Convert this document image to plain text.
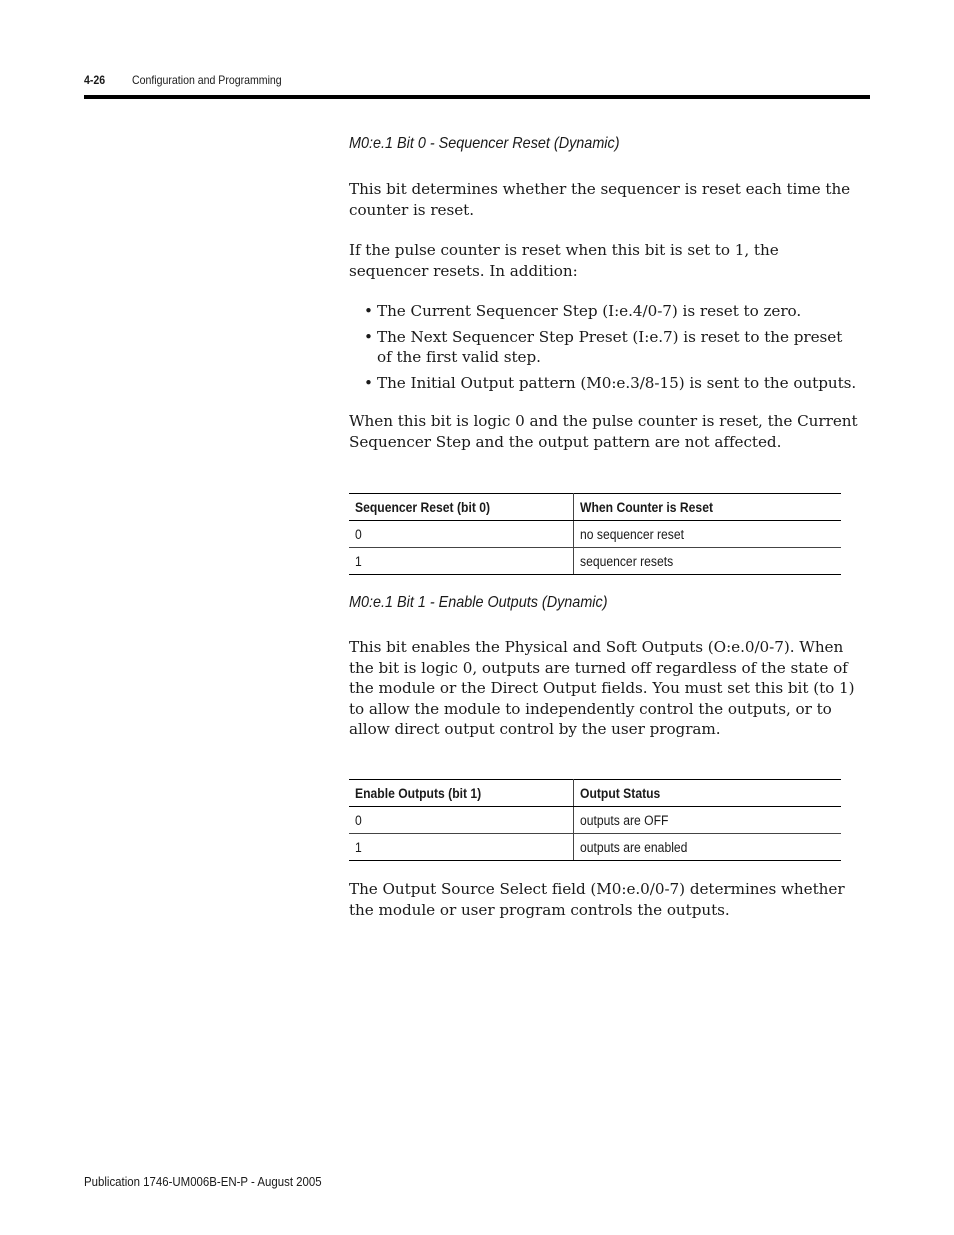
4-26 Configuration and Programming
M0:e.1 Bit 0 - Sequencer Reset (Dynamic)
This bit determines whether the sequencer is reset each time the counter is reset.
If the pulse counter is reset when this bit is set to 1, the sequencer resets. In addition:
• The Current Sequencer Step (I:e.4/0-7) is reset to zero.
• The Next Sequencer Step Preset (I:e.7) is reset to the preset of the first valid step.
• The Initial Output pattern (M0:e.3/8-15) is sent to the outputs.
When this bit is logic 0 and the pulse counter is reset, the Current Sequencer Step and the output pattern are not affected.
Sequencer Reset (bit 0)	When Counter is Reset
0	no sequencer reset
1	sequencer resets
M0:e.1 Bit 1 - Enable Outputs (Dynamic)
This bit enables the Physical and Soft Outputs (O:e.0/0-7). When the bit is logic 0, outputs are turned off regardless of the state of the module or the Direct Output fields. You must set this bit (to 1) to allow the module to independently control the outputs, or to allow direct output control by the user program.
Enable Outputs (bit 1)	Output Status
0	outputs are OFF
1	outputs are enabled
The Output Source Select field (M0:e.0/0-7) determines whether the module or user program controls the outputs.
Publication 1746-UM006B-EN-P - August 2005
